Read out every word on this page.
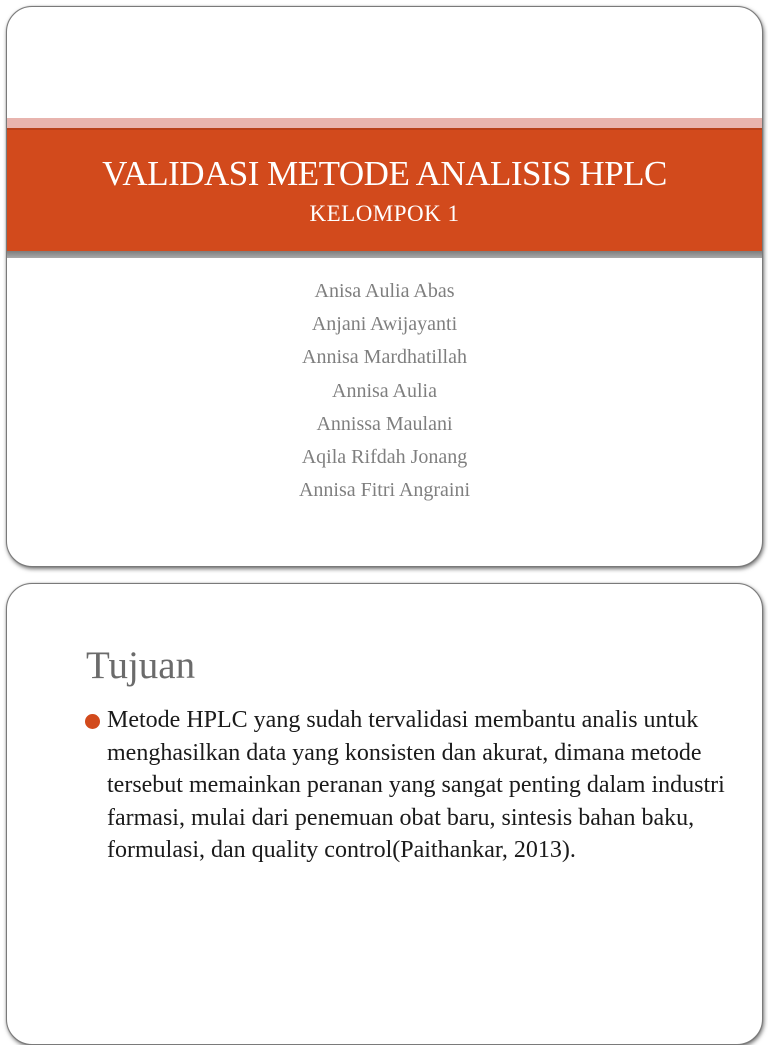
VALIDASI METODE ANALISIS HPLC
KELOMPOK 1
Anisa Aulia Abas
Anjani Awijayanti
Annisa Mardhatillah
Annisa Aulia
Annissa Maulani
Aqila Rifdah Jonang
Annisa Fitri Angraini
Tujuan

Metode HPLC yang sudah tervalidasi membantu analis untuk menghasilkan data yang konsisten dan akurat, dimana metode tersebut memainkan peranan yang sangat penting dalam industri farmasi, mulai dari penemuan obat baru, sintesis bahan baku, formulasi, dan quality control(Paithankar, 2013).
